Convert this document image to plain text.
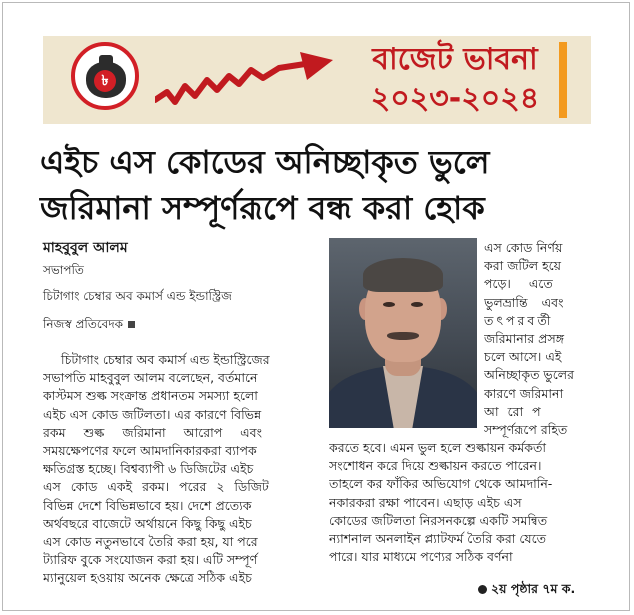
৳
বাজেট ভাবনা
২০২৩-২০২৪
এইচ এস কোডের অনিচ্ছাকৃত ভুলে
জরিমানা সম্পূর্ণরূপে বন্ধ করা হোক
মাহবুবুল আলম
সভাপতি
চিটাগাং চেম্বার অব কমার্স এন্ড ইন্ডাস্ট্রিজ
নিজস্ব প্রতিবেদক
চিটাগাং চেম্বার অব কমার্স এন্ড ইন্ডাস্ট্রিজের
সভাপতি মাহবুবুল আলম বলেছেন, বর্তমানে
কাস্টমস শুল্ক সংক্রান্ত প্রধানতম সমস্যা হলো
এইচ এস কোড জটিলতা। এর কারণে বিভিন্ন
রকম শুল্ক জরিমানা আরোপ এবং
সময়ক্ষেপণের ফলে আমদানিকারকরা ব্যাপক
ক্ষতিগ্রস্ত হচ্ছে। বিশ্বব্যাপী ৬ ডিজিটের এইচ
এস কোড একই রকম। পরের ২ ডিজিট
বিভিন্ন দেশে বিভিন্নভাবে হয়। দেশে প্রত্যেক
অর্থবছরে বাজেটে অর্থায়নে কিছু কিছু এইচ
এস কোড নতুনভাবে তৈরি করা হয়, যা পরে
ট্যারিফ বুকে সংযোজন করা হয়। এটি সম্পূর্ণ
ম্যানুয়েল হওয়ায় অনেক ক্ষেত্রে সঠিক এইচ
এস কোড নির্ণয়
করা জটিল হয়ে
পড়ে। এতে
ভুলভ্রান্তি এবং
তৎপরবর্তী
জরিমানার প্রসঙ্গ
চলে আসে। এই
অনিচ্ছাকৃত ভুলের
কারণে জরিমানা
আরোপ
সম্পূর্ণরূপে রহিত
করতে হবে। এমন ভুল হলে শুল্কায়ন কর্মকর্তা
সংশোধন করে দিয়ে শুল্কায়ন করতে পারেন।
তাহলে কর ফাঁকির অভিযোগ থেকে আমদানি-
নকারকরা রক্ষা পাবেন। এছাড় এইচ এস
কোডের জটিলতা নিরসনকল্পে একটি সমন্বিত
ন্যাশনাল অনলাইন প্ল্যাটফর্ম তৈরি করা যেতে
পারে। যার মাধ্যমে পণ্যের সঠিক বর্ণনা
২য় পৃষ্ঠার ৭ম ক.
